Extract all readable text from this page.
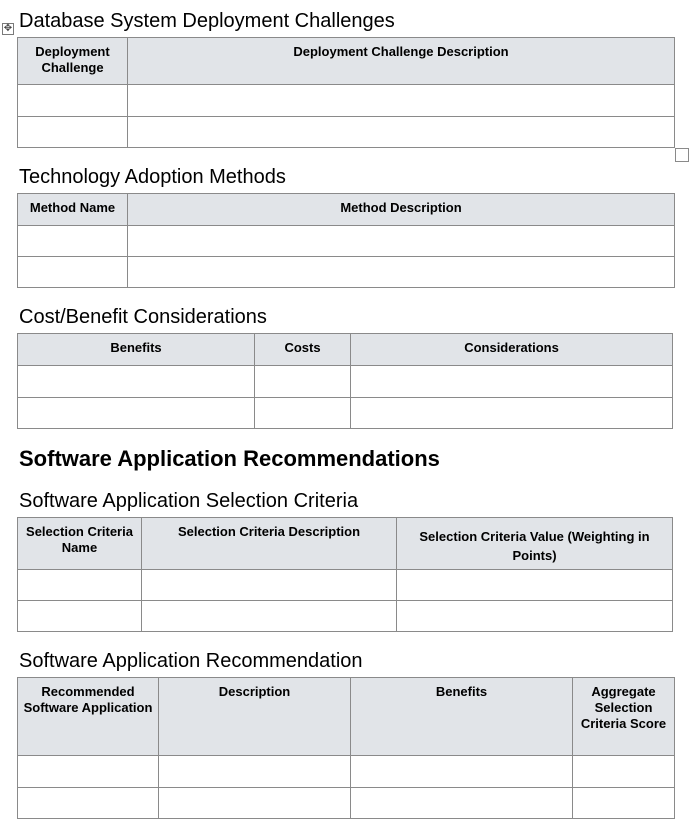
✥ Database System Deployment Challenges
Deployment Challenge	Deployment Challenge Description

Technology Adoption Methods
Method Name	Method Description

Cost/Benefit Considerations
Benefits	Costs	Considerations

Software Application Recommendations
Software Application Selection Criteria
Selection Criteria Name	Selection Criteria Description	Selection Criteria Value (Weighting in Points)

Software Application Recommendation
Recommended Software Application	Description	Benefits	Aggregate Selection Criteria Score
